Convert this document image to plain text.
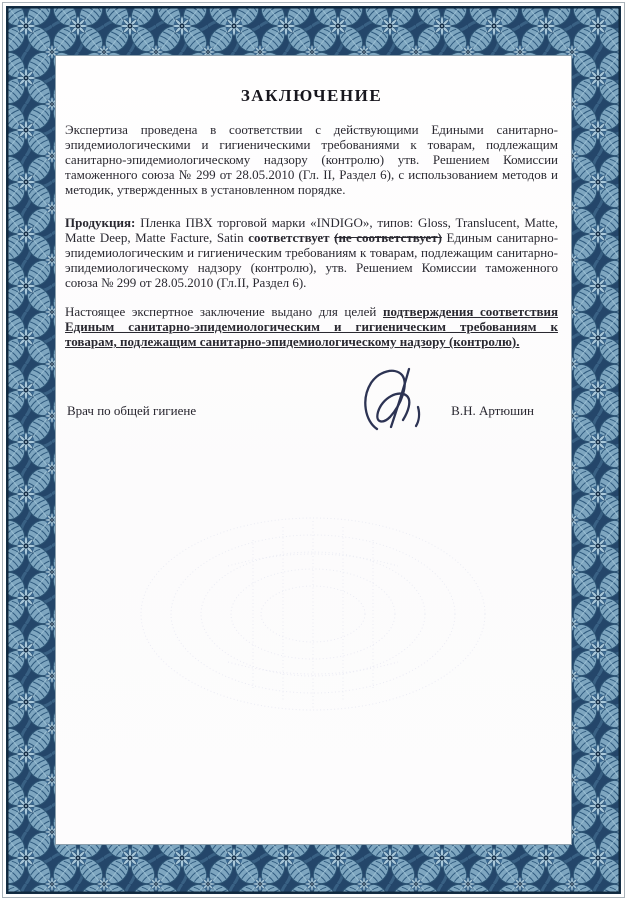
ЗАКЛЮЧЕНИЕ

Экспертиза проведена в соответствии с действующими Едиными санитарно-эпидемиологическими и гигиеническими требованиями к товарам, подлежащим санитарно-эпидемиологическому надзору (контролю) утв. Решением Комиссии таможенного союза № 299 от 28.05.2010 (Гл. II, Раздел 6), с использованием методов и методик, утвержденных в установленном порядке.

Продукция: Пленка ПВХ торговой марки «INDIGO», типов: Gloss, Translucent, Matte, Matte Deep, Matte Facture, Satin соответствует (не соответствует) Единым санитарно-эпидемиологическим и гигиеническим требованиям к товарам, подлежащим санитарно-эпидемиологическому надзору (контролю), утв. Решением Комиссии таможенного союза № 299 от 28.05.2010 (Гл.II, Раздел 6).

Настоящее экспертное заключение выдано для целей подтверждения соответствия Единым санитарно-эпидемиологическим и гигиеническим требованиям к товарам, подлежащим санитарно-эпидемиологическому надзору (контролю).

Врач по общей гигиене	В.Н. Артюшин
